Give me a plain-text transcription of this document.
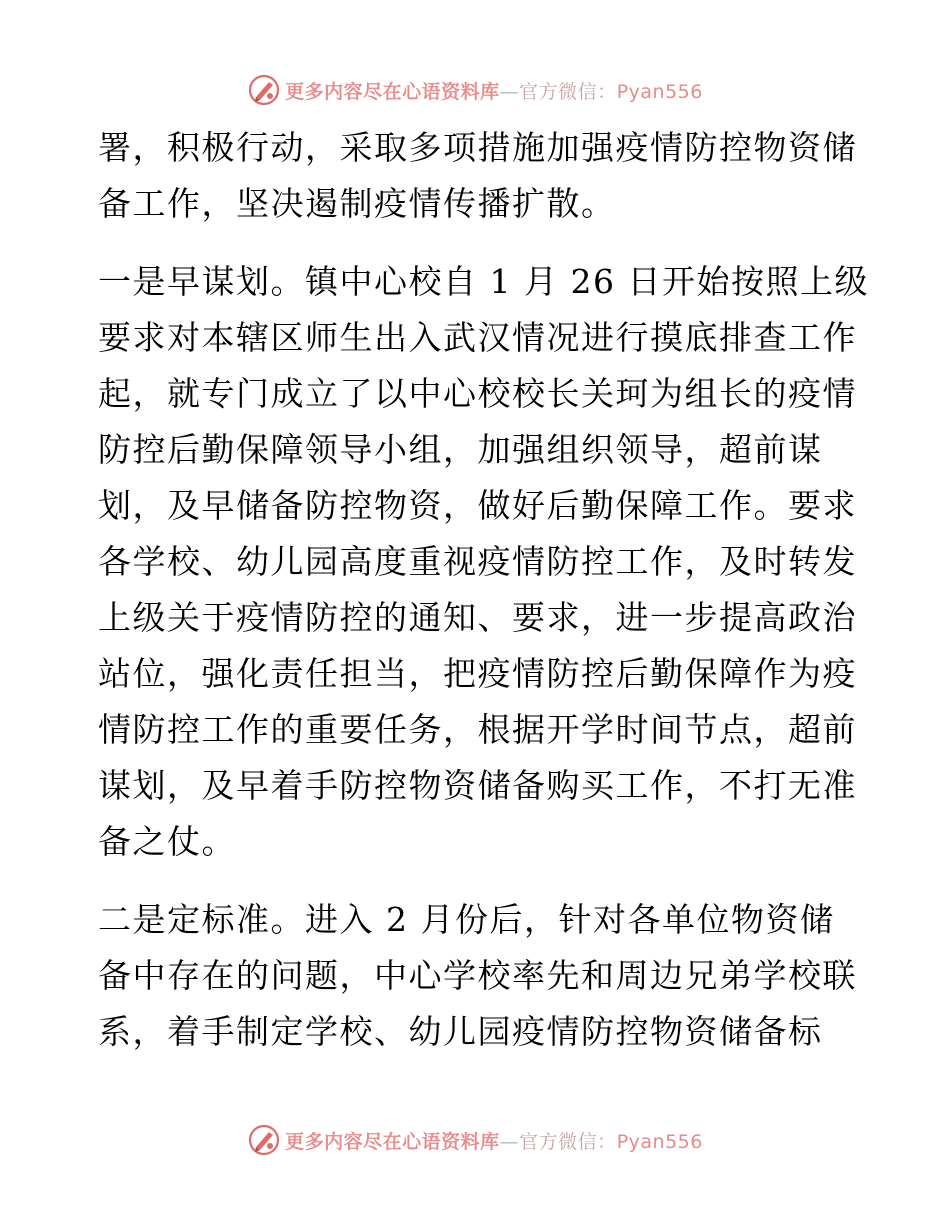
更多内容尽在心语资料库—官方微信：Pyan556
署，积极行动，采取多项措施加强疫情防控物资储
备工作，坚决遏制疫情传播扩散。
一是早谋划。镇中心校自 1 月 26 日开始按照上级
要求对本辖区师生出入武汉情况进行摸底排查工作
起，就专门成立了以中心校校长关珂为组长的疫情
防控后勤保障领导小组，加强组织领导，超前谋
划，及早储备防控物资，做好后勤保障工作。要求
各学校、幼儿园高度重视疫情防控工作，及时转发
上级关于疫情防控的通知、要求，进一步提高政治
站位，强化责任担当，把疫情防控后勤保障作为疫
情防控工作的重要任务，根据开学时间节点，超前
谋划，及早着手防控物资储备购买工作，不打无准
备之仗。
二是定标准。进入 2 月份后，针对各单位物资储
备中存在的问题，中心学校率先和周边兄弟学校联
系，着手制定学校、幼儿园疫情防控物资储备标
更多内容尽在心语资料库—官方微信：Pyan556
